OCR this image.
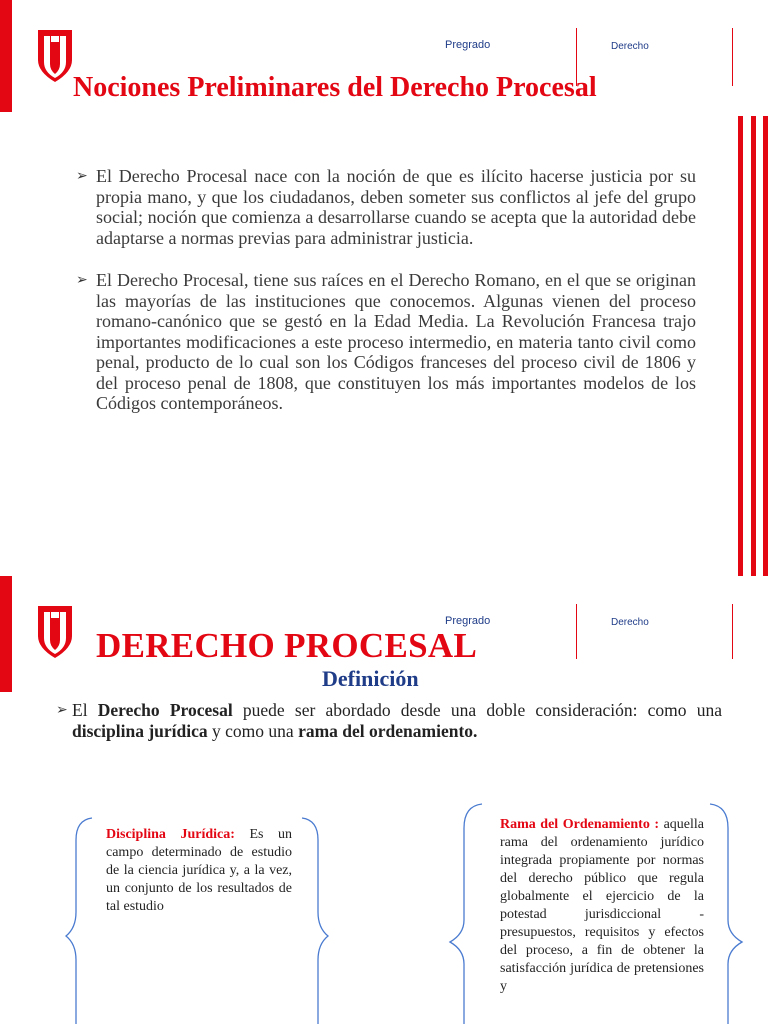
Pregrado	Derecho
Nociones Preliminares del Derecho Procesal
➢ El Derecho Procesal nace con la noción de que es ilícito hacerse justicia por su propia mano, y que los ciudadanos, deben someter sus conflictos al jefe del grupo social; noción que comienza a desarrollarse cuando se acepta que la autoridad debe adaptarse a normas previas para administrar justicia.
➢ El Derecho Procesal, tiene sus raíces en el Derecho Romano, en el que se originan las mayorías de las instituciones que conocemos. Algunas vienen del proceso romano-canónico que se gestó en la Edad Media. La Revolución Francesa trajo importantes modificaciones a este proceso intermedio, en materia tanto civil como penal, producto de lo cual son los Códigos franceses del proceso civil de 1806 y del proceso penal de 1808, que constituyen los más importantes modelos de los Códigos contemporáneos.
Pregrado	Derecho
DERECHO PROCESAL
Definición
➢ El Derecho Procesal puede ser abordado desde una doble consideración: como una disciplina jurídica y como una rama del ordenamiento.

Disciplina Jurídica: Es un campo determinado de estudio de la ciencia jurídica y, a la vez, un conjunto de los resultados de tal estudio

Rama del Ordenamiento : aquella rama del ordenamiento jurídico integrada propiamente por normas del derecho público que regula globalmente el ejercicio de la potestad jurisdiccional - presupuestos, requisitos y efectos del proceso, a fin de obtener la satisfacción jurídica de pretensiones y
